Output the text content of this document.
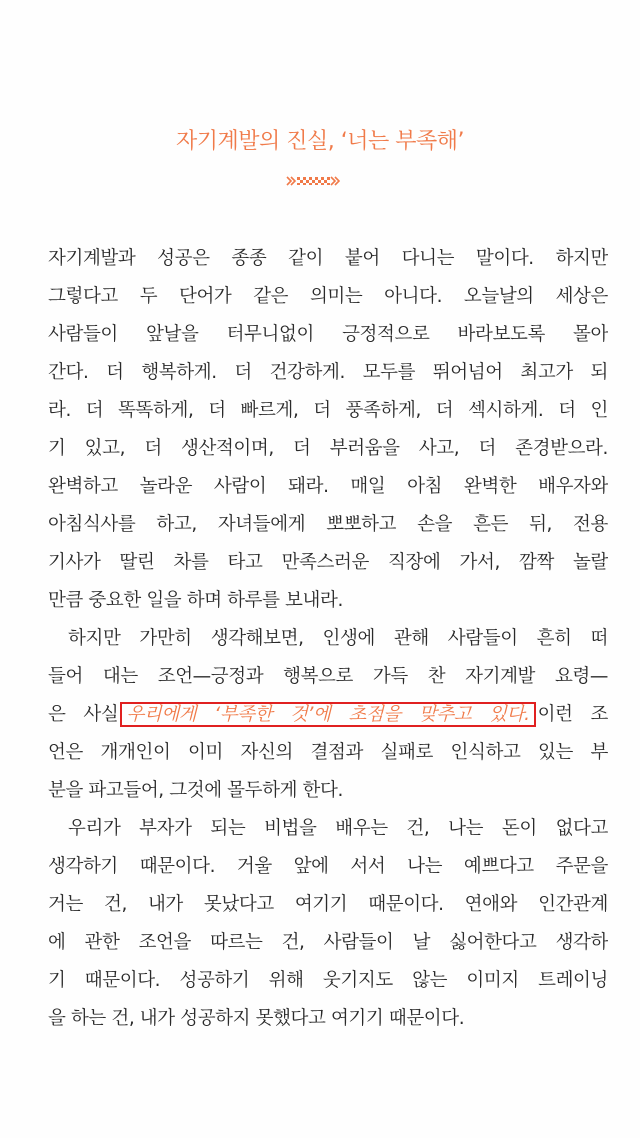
자기계발의 진실, ‘너는 부족해’
자기계발과 성공은 종종 같이 붙어 다니는 말이다. 하지만
그렇다고 두 단어가 같은 의미는 아니다. 오늘날의 세상은
사람들이 앞날을 터무니없이 긍정적으로 바라보도록 몰아
간다. 더 행복하게. 더 건강하게. 모두를 뛰어넘어 최고가 되
라. 더 똑똑하게, 더 빠르게, 더 풍족하게, 더 섹시하게. 더 인
기 있고, 더 생산적이며, 더 부러움을 사고, 더 존경받으라.
완벽하고 놀라운 사람이 돼라. 매일 아침 완벽한 배우자와
아침식사를 하고, 자녀들에게 뽀뽀하고 손을 흔든 뒤, 전용
기사가 딸린 차를 타고 만족스러운 직장에 가서, 깜짝 놀랄
만큼 중요한 일을 하며 하루를 보내라.
하지만 가만히 생각해보면, 인생에 관해 사람들이 흔히 떠
들어 대는 조언—긍정과 행복으로 가득 찬 자기계발 요령—
은 사실 우리에게 ‘부족한 것’에 초점을 맞추고 있다. 이런 조
언은 개개인이 이미 자신의 결점과 실패로 인식하고 있는 부
분을 파고들어, 그것에 몰두하게 한다.
우리가 부자가 되는 비법을 배우는 건, 나는 돈이 없다고
생각하기 때문이다. 거울 앞에 서서 나는 예쁘다고 주문을
거는 건, 내가 못났다고 여기기 때문이다. 연애와 인간관계
에 관한 조언을 따르는 건, 사람들이 날 싫어한다고 생각하
기 때문이다. 성공하기 위해 웃기지도 않는 이미지 트레이닝
을 하는 건, 내가 성공하지 못했다고 여기기 때문이다.
